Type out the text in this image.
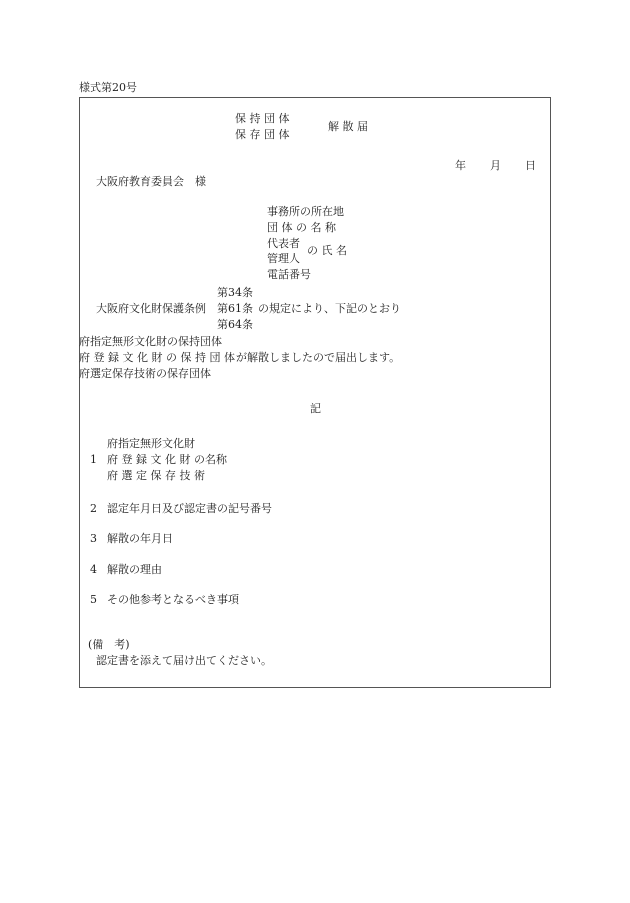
様式第20号
保 持 団 体
保 存 団 体
解 散 届
年 月 日
大阪府教育委員会　様
事務所の所在地
団 体 の 名 称
代表者
管理人
の 氏 名
電話番号
第34条
大阪府文化財保護条例 第61条 の規定により、下記のとおり
第64条
府指定無形文化財の保持団体
府 登 録 文 化 財 の 保 持 団 体 が解散しましたので届出します。
府選定保存技術の保存団体
記
府指定無形文化財
1 府 登 録 文 化 財 の名称
府 選 定 保 存 技 術
2 認定年月日及び認定書の記号番号
3 解散の年月日
4 解散の理由
5 その他参考となるべき事項
(備　考)
認定書を添えて届け出てください。
